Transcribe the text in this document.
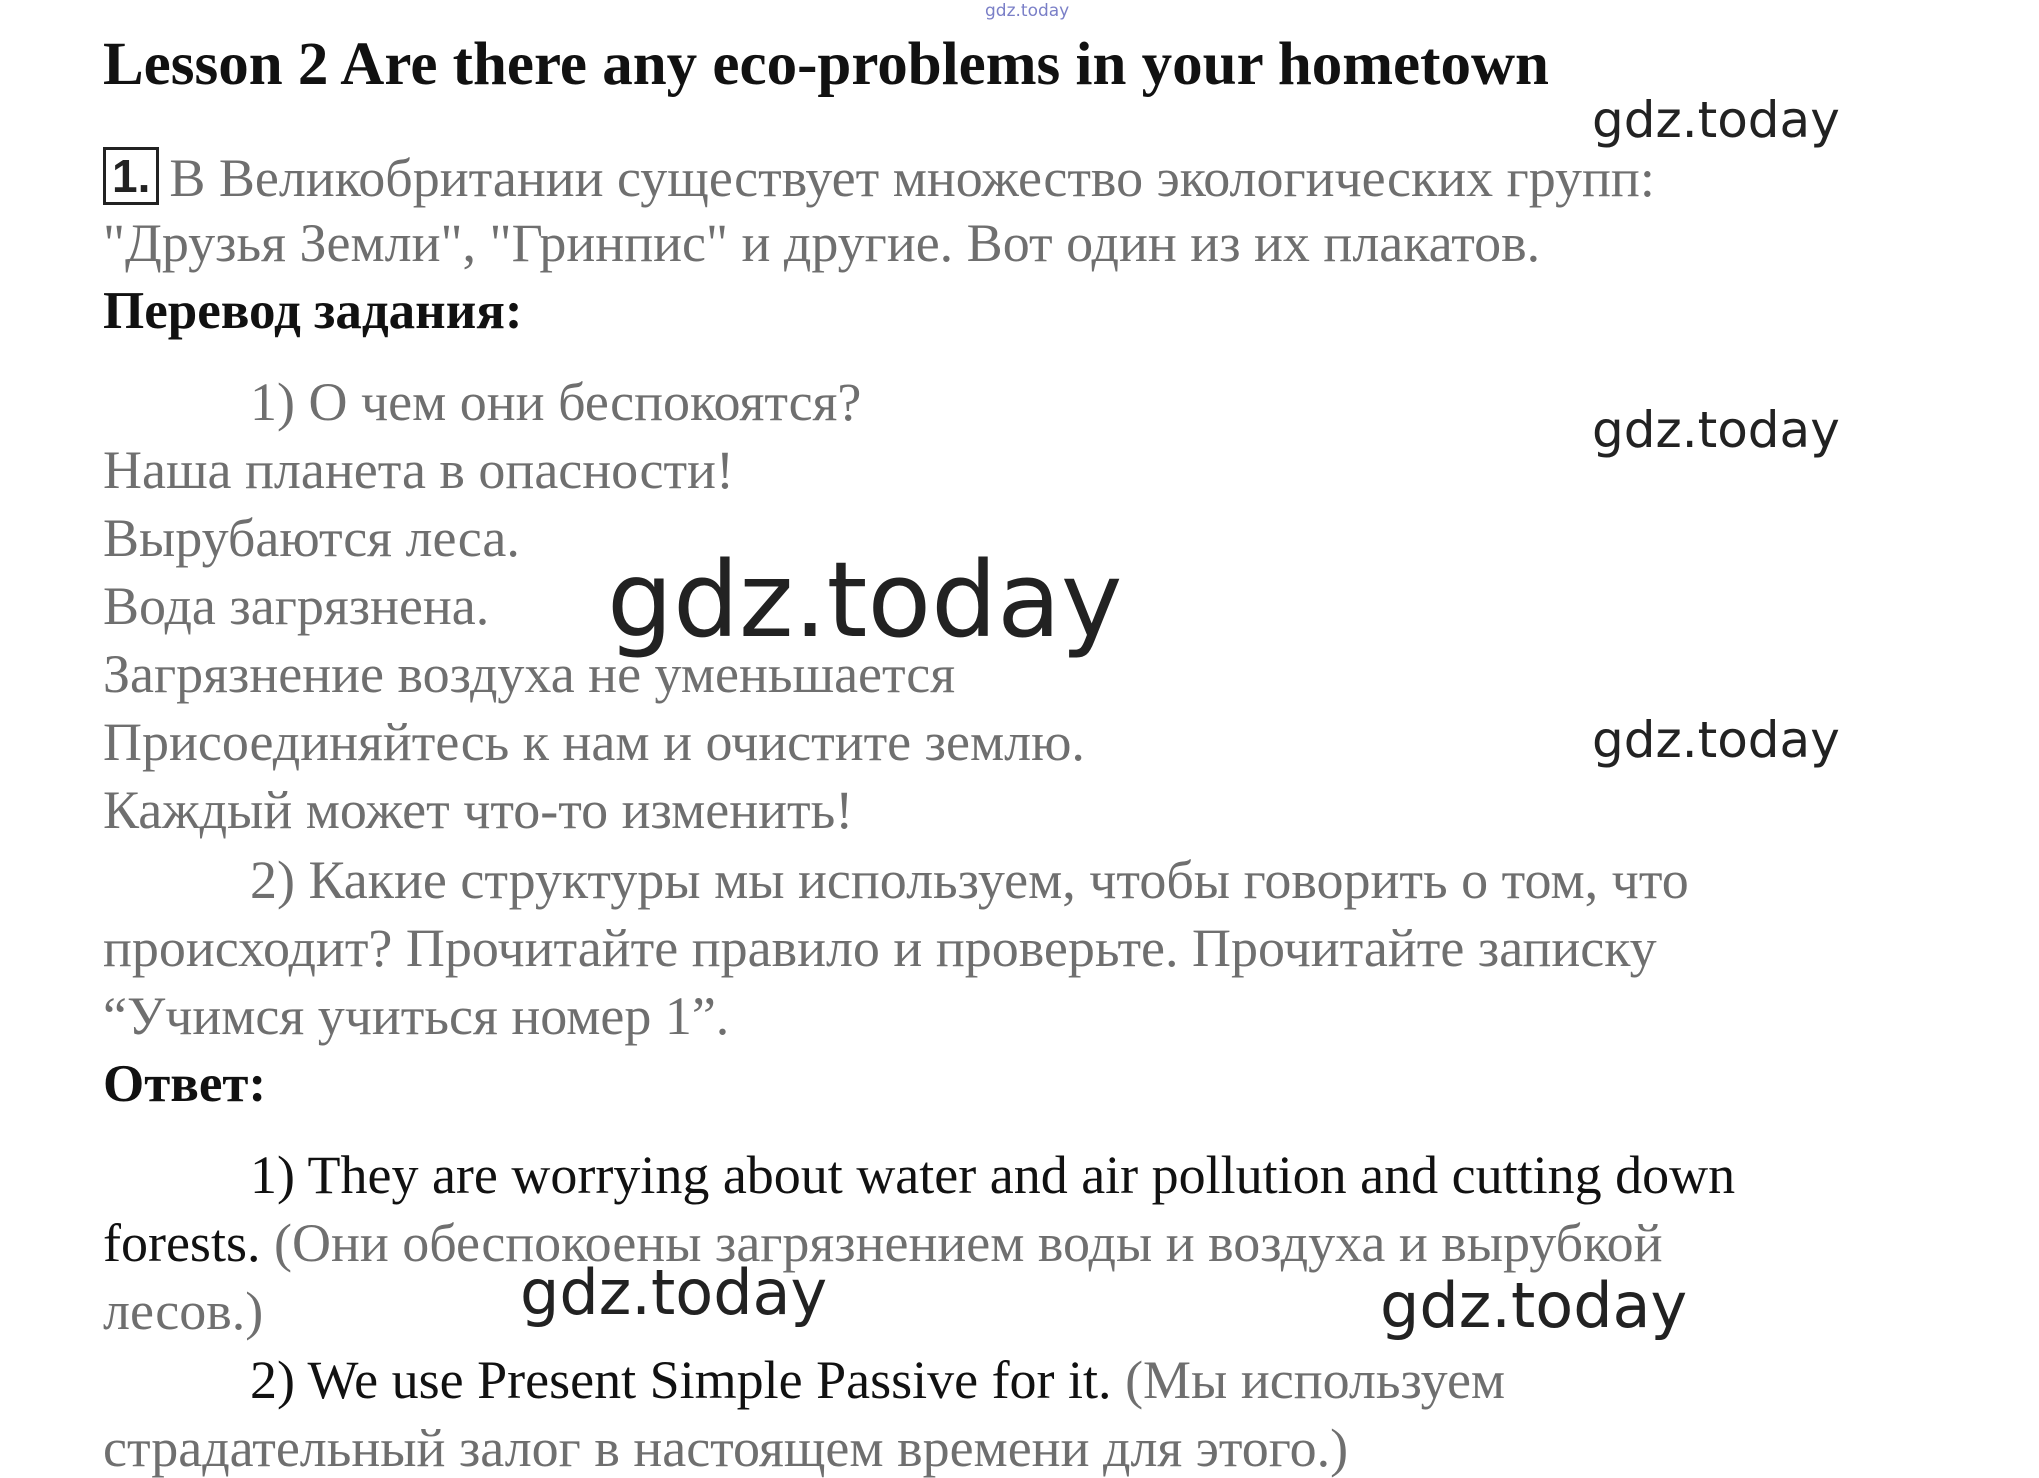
gdz.today
Lesson 2 Are there any eco-problems in your hometown
gdz.today
gdz.today
gdz.today
gdz.today
gdz.today	gdz.today
1. В Великобритании существует множество экологических групп:
"Друзья Земли", "Гринпис" и другие. Вот один из их плакатов.
Перевод задания:
1) О чем они беспокоятся?
Наша планета в опасности!
Вырубаются леса.
Вода загрязнена.
Загрязнение воздуха не уменьшается
Присоединяйтесь к нам и очистите землю.
Каждый может что-то изменить!
2) Какие структуры мы используем, чтобы говорить о том, что
происходит? Прочитайте правило и проверьте. Прочитайте записку
“Учимся учиться номер 1”.
Ответ:
1) They are worrying about water and air pollution and cutting down
forests. (Они обеспокоены загрязнением воды и воздуха и вырубкой
лесов.)
2) We use Present Simple Passive for it. (Мы используем
страдательный залог в настоящем времени для этого.)
